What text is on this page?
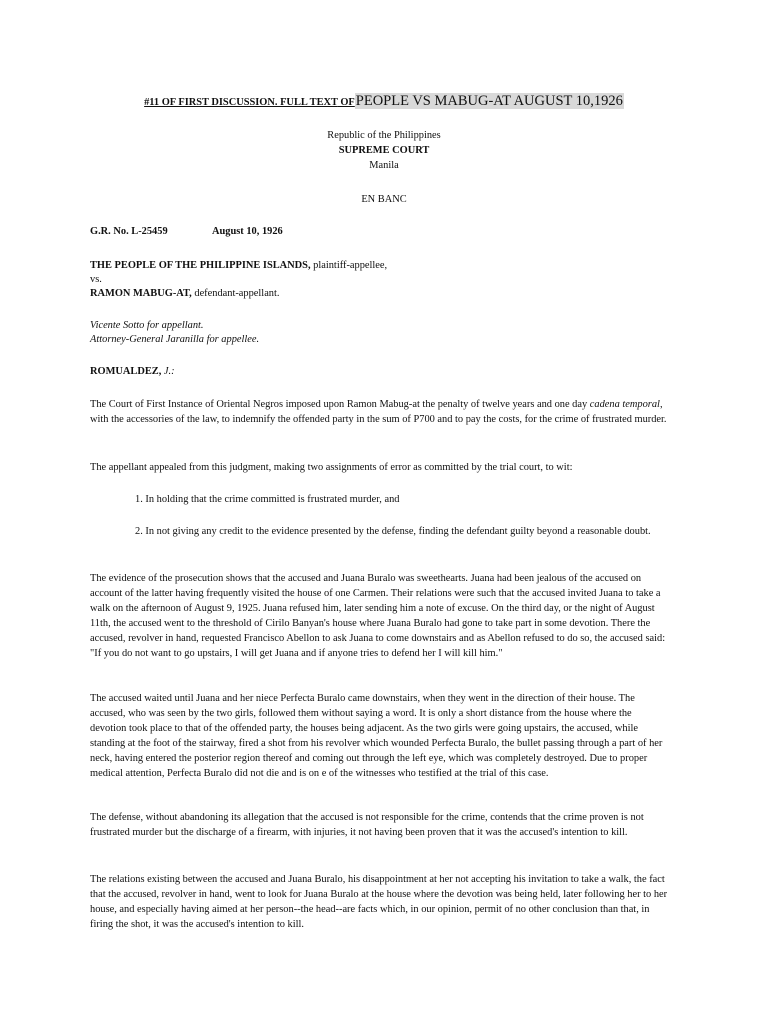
#11 OF FIRST DISCUSSION. FULL TEXT OFPEOPLE VS MABUG-AT AUGUST 10,1926

Republic of the Philippines

SUPREME COURT

Manila

EN BANC

G.R. No. L-25459	August 10, 1926

THE PEOPLE OF THE PHILIPPINE ISLANDS, plaintiff-appellee,

vs.

RAMON MABUG-AT, defendant-appellant.

Vicente Sotto for appellant.

Attorney-General Jaranilla for appellee.

ROMUALDEZ, J.:

The Court of First Instance of Oriental Negros imposed upon Ramon Mabug-at the penalty of twelve years and one day cadena temporal, with the accessories of the law, to indemnify the offended party in the sum of P700 and to pay the costs, for the crime of frustrated murder.

The appellant appealed from this judgment, making two assignments of error as committed by the trial court, to wit:

1. In holding that the crime committed is frustrated murder, and

2. In not giving any credit to the evidence presented by the defense, finding the defendant guilty beyond a reasonable doubt.

The evidence of the prosecution shows that the accused and Juana Buralo was sweethearts. Juana had been jealous of the accused on account of the latter having frequently visited the house of one Carmen. Their relations were such that the accused invited Juana to take a walk on the afternoon of August 9, 1925. Juana refused him, later sending him a note of excuse. On the third day, or the night of August 11th, the accused went to the threshold of Cirilo Banyan's house where Juana Buralo had gone to take part in some devotion. There the accused, revolver in hand, requested Francisco Abellon to ask Juana to come downstairs and as Abellon refused to do so, the accused said: "If you do not want to go upstairs, I will get Juana and if anyone tries to defend her I will kill him."

The accused waited until Juana and her niece Perfecta Buralo came downstairs, when they went in the direction of their house. The accused, who was seen by the two girls, followed them without saying a word. It is only a short distance from the house where the devotion took place to that of the offended party, the houses being adjacent. As the two girls were going upstairs, the accused, while standing at the foot of the stairway, fired a shot from his revolver which wounded Perfecta Buralo, the bullet passing through a part of her neck, having entered the posterior region thereof and coming out through the left eye, which was completely destroyed. Due to proper medical attention, Perfecta Buralo did not die and is on e of the witnesses who testified at the trial of this case.

The defense, without abandoning its allegation that the accused is not responsible for the crime, contends that the crime proven is not frustrated murder but the discharge of a firearm, with injuries, it not having been proven that it was the accused's intention to kill.

The relations existing between the accused and Juana Buralo, his disappointment at her not accepting his invitation to take a walk, the fact that the accused, revolver in hand, went to look for Juana Buralo at the house where the devotion was being held, later following her to her house, and especially having aimed at her person--the head--are facts which, in our opinion, permit of no other conclusion than that, in firing the shot, it was the accused's intention to kill.
